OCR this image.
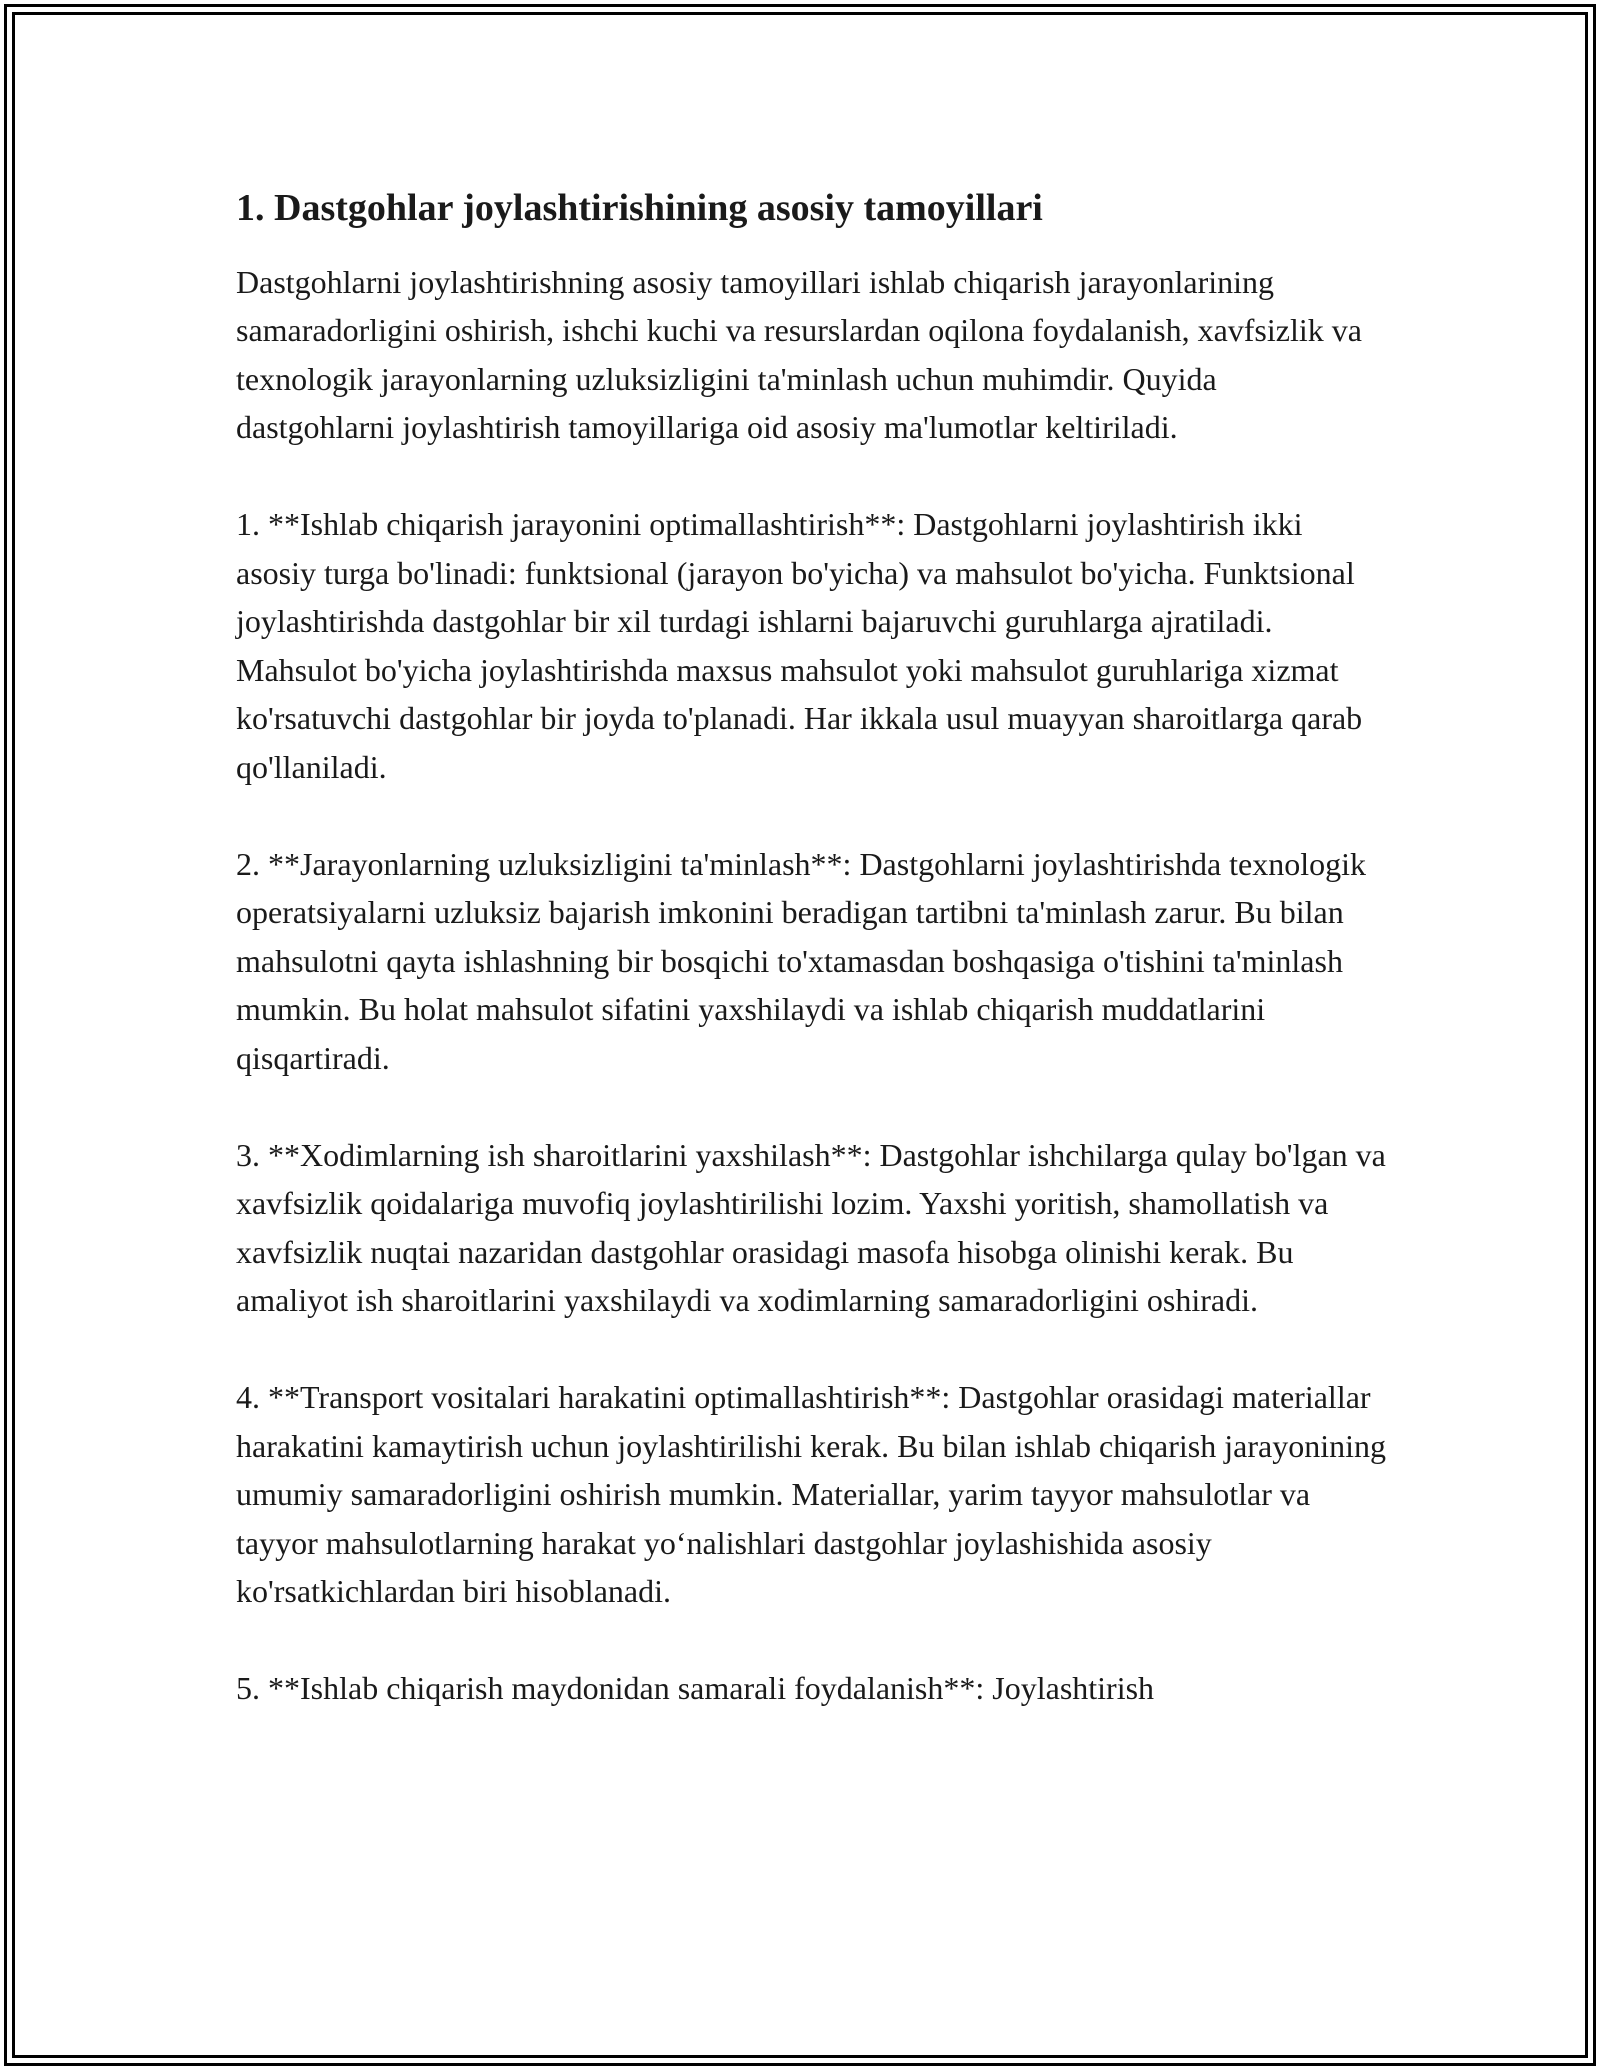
1. Dastgohlar joylashtirishining asosiy tamoyillari

Dastgohlarni joylashtirishning asosiy tamoyillari ishlab chiqarish jarayonlarining samaradorligini oshirish, ishchi kuchi va resurslardan oqilona foydalanish, xavfsizlik va texnologik jarayonlarning uzluksizligini ta'minlash uchun muhimdir. Quyida dastgohlarni joylashtirish tamoyillariga oid asosiy ma'lumotlar keltiriladi.

1. **Ishlab chiqarish jarayonini optimallashtirish**: Dastgohlarni joylashtirish ikki asosiy turga bo'linadi: funktsional (jarayon bo'yicha) va mahsulot bo'yicha. Funktsional joylashtirishda dastgohlar bir xil turdagi ishlarni bajaruvchi guruhlarga ajratiladi. Mahsulot bo'yicha joylashtirishda maxsus mahsulot yoki mahsulot guruhlariga xizmat ko'rsatuvchi dastgohlar bir joyda to'planadi. Har ikkala usul muayyan sharoitlarga qarab qo'llaniladi.

2. **Jarayonlarning uzluksizligini ta'minlash**: Dastgohlarni joylashtirishda texnologik operatsiyalarni uzluksiz bajarish imkonini beradigan tartibni ta'minlash zarur. Bu bilan mahsulotni qayta ishlashning bir bosqichi to'xtamasdan boshqasiga o'tishini ta'minlash mumkin. Bu holat mahsulot sifatini yaxshilaydi va ishlab chiqarish muddatlarini qisqartiradi.

3. **Xodimlarning ish sharoitlarini yaxshilash**: Dastgohlar ishchilarga qulay bo'lgan va xavfsizlik qoidalariga muvofiq joylashtirilishi lozim. Yaxshi yoritish, shamollatish va xavfsizlik nuqtai nazaridan dastgohlar orasidagi masofa hisobga olinishi kerak. Bu amaliyot ish sharoitlarini yaxshilaydi va xodimlarning samaradorligini oshiradi.

4. **Transport vositalari harakatini optimallashtirish**: Dastgohlar orasidagi materiallar harakatini kamaytirish uchun joylashtirilishi kerak. Bu bilan ishlab chiqarish jarayonining umumiy samaradorligini oshirish mumkin. Materiallar, yarim tayyor mahsulotlar va tayyor mahsulotlarning harakat yoʻnalishlari dastgohlar joylashishida asosiy ko'rsatkichlardan biri hisoblanadi.

5. **Ishlab chiqarish maydonidan samarali foydalanish**: Joylashtirish
